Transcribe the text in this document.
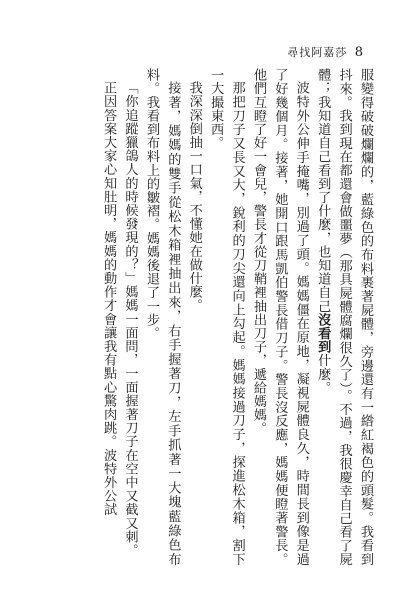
尋找阿嘉莎 8

服變得破破爛爛的，藍綠色的布料裹著屍體，旁邊還有一綹紅褐色的頭髮。我看到抖來。我到現在都還會做噩夢（那具屍體腐爛很久了）。不過，我很慶幸自己看了屍體；我知道自己看到了什麼，也知道自己沒看到什麼。

波特外公伸手掩嘴，別過了頭。媽媽僵在原地，凝視屍體良久，時間長到像是過了好幾個月。接著，她開口跟馬凱伯警長借刀子。警長沒反應，媽媽便瞪著警長。他們互瞪了好一會兒，警長才從刀鞘裡抽出刀子，遞給媽媽。

那把刀子又長又大，銳利的刀尖還向上勾起。媽媽接過刀子，探進松木箱，割下一大撮東西。

我深深倒抽一口氣，不懂她在做什麼。

接著，媽媽的雙手從松木箱裡抽出來，右手握著刀，左手抓著一大塊藍綠色布料。我看到布料上的皺褶。媽媽後退了一步。

「你追蹤獵鴿人的時候發現的？」媽媽一面問，一面握著刀子在空中又截又刺。

正因答案大家心知肚明，媽媽的動作才會讓我有點心驚肉跳。波特外公試
